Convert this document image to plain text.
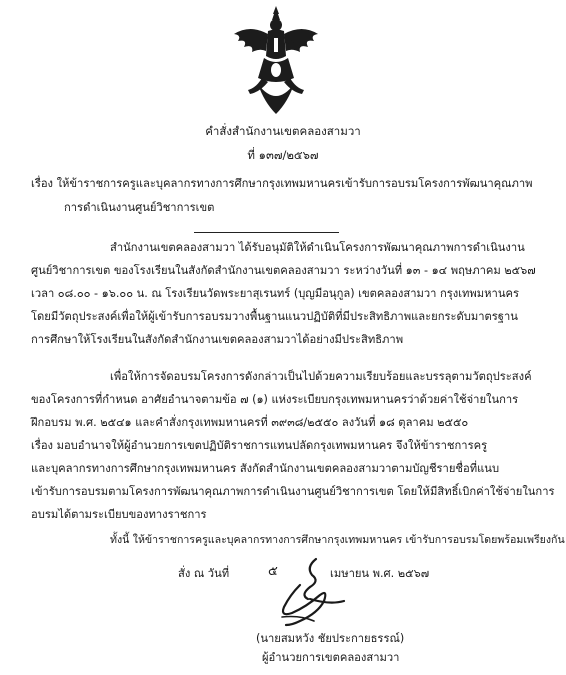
คำสั่งสำนักงานเขตคลองสามวา
ที่ ๑๓๗/๒๕๖๗
เรื่อง ให้ข้าราชการครูและบุคลากรทางการศึกษากรุงเทพมหานครเข้ารับการอบรมโครงการพัฒนาคุณภาพ
การดำเนินงานศูนย์วิชาการเขต
สำนักงานเขตคลองสามวา ได้รับอนุมัติให้ดำเนินโครงการพัฒนาคุณภาพการดำเนินงาน
ศูนย์วิชาการเขต ของโรงเรียนในสังกัดสำนักงานเขตคลองสามวา ระหว่างวันที่ ๑๓ - ๑๔ พฤษภาคม ๒๕๖๗
เวลา ๐๘.๐๐ - ๑๖.๐๐ น. ณ โรงเรียนวัดพระยาสุเรนทร์ (บุญมีอนุกูล) เขตคลองสามวา กรุงเทพมหานคร
โดยมีวัตถุประสงค์เพื่อให้ผู้เข้ารับการอบรมวางพื้นฐานแนวปฏิบัติที่มีประสิทธิภาพและยกระดับมาตรฐาน
การศึกษาให้โรงเรียนในสังกัดสำนักงานเขตคลองสามวาได้อย่างมีประสิทธิภาพ
เพื่อให้การจัดอบรมโครงการดังกล่าวเป็นไปด้วยความเรียบร้อยและบรรลุตามวัตถุประสงค์
ของโครงการที่กำหนด อาศัยอำนาจตามข้อ ๗ (๑) แห่งระเบียบกรุงเทพมหานครว่าด้วยค่าใช้จ่ายในการ
ฝึกอบรม พ.ศ. ๒๕๔๑ และคำสั่งกรุงเทพมหานครที่ ๓๙๓๘/๒๕๕๐ ลงวันที่ ๑๘ ตุลาคม ๒๕๕๐
เรื่อง มอบอำนาจให้ผู้อำนวยการเขตปฏิบัติราชการแทนปลัดกรุงเทพมหานคร จึงให้ข้าราชการครู
และบุคลากรทางการศึกษากรุงเทพมหานคร สังกัดสำนักงานเขตคลองสามวาตามบัญชีรายชื่อที่แนบ
เข้ารับการอบรมตามโครงการพัฒนาคุณภาพการดำเนินงานศูนย์วิชาการเขต โดยให้มีสิทธิ์เบิกค่าใช้จ่ายในการ
อบรมได้ตามระเบียบของทางราชการ
ทั้งนี้ ให้ข้าราชการครูและบุคลากรทางการศึกษากรุงเทพมหานคร เข้ารับการอบรมโดยพร้อมเพรียงกัน
สั่ง ณ วันที่	๕	เมษายน พ.ศ. ๒๕๖๗
(นายสมหวัง ชัยประกายธรรณ์)
ผู้อำนวยการเขตคลองสามวา
